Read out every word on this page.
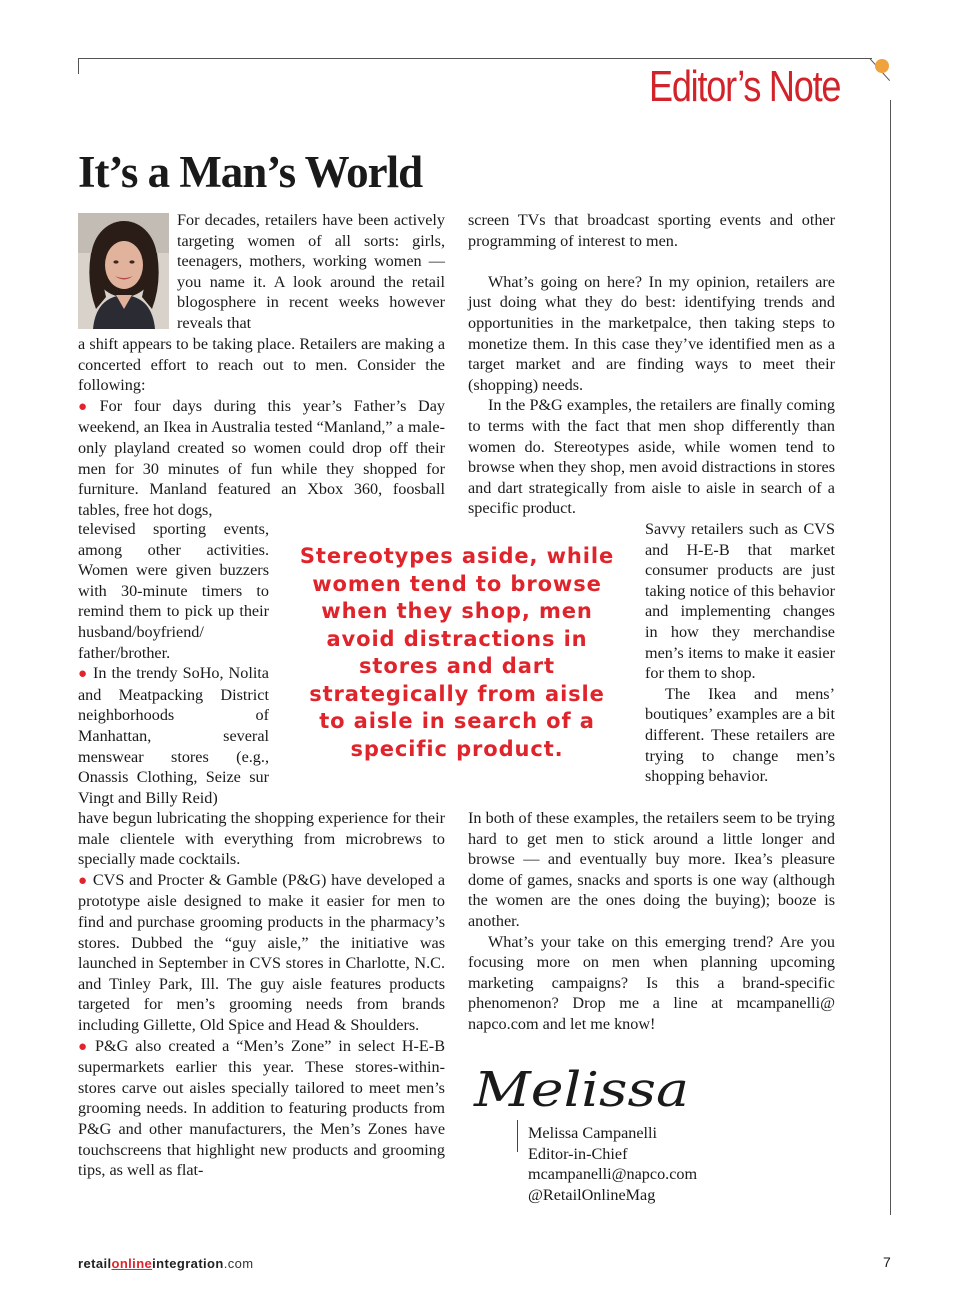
Editor’s Note
It’s a Man’s World

For decades, retailers have been actively targeting women of all sorts: girls, teenagers, mothers, working women — you name it. A look around the retail blogosphere in recent weeks however reveals that

a shift appears to be taking place. Retailers are making a concerted effort to reach out to men. Consider the following:

● For four days during this year’s Father’s Day weekend, an Ikea in Australia tested “Manland,” a male-only playland created so women could drop off their men for 30 minutes of fun while they shopped for furniture. Manland featured an Xbox 360, foosball tables, free hot dogs,

televised sporting events, among other activities. Women were given buzzers with 30-minute timers to remind them to pick up their husband/boyfriend/ father/brother.

● In the trendy SoHo, Nolita and Meatpacking District neighborhoods of Manhattan, several menswear stores (e.g., Onassis Clothing, Seize sur Vingt and Billy Reid)

have begun lubricating the shopping experience for their male clientele with everything from microbrews to specially made cocktails.

● CVS and Procter & Gamble (P&G) have developed a prototype aisle designed to make it easier for men to find and purchase grooming products in the pharmacy’s stores. Dubbed the “guy aisle,” the initiative was launched in September in CVS stores in Charlotte, N.C. and Tinley Park, Ill. The guy aisle features products targeted for men’s grooming needs from brands including Gillette, Old Spice and Head & Shoulders.

● P&G also created a “Men’s Zone” in select H-E-B supermarkets earlier this year. These stores-within-stores carve out aisles specially tailored to meet men’s grooming needs. In addition to featuring products from P&G and other manufacturers, the Men’s Zones have touchscreens that highlight new products and grooming tips, as well as flat-

screen TVs that broadcast sporting events and other programming of interest to men.

What’s going on here? In my opinion, retailers are just doing what they do best: identifying trends and opportunities in the marketpalce, then taking steps to monetize them. In this case they’ve identified men as a target market and are finding ways to meet their (shopping) needs.

In the P&G examples, the retailers are finally coming to terms with the fact that men shop differently than women do. Stereotypes aside, while women tend to browse when they shop, men avoid distractions in stores and dart strategically from aisle to aisle in search of a specific product.

Stereotypes aside, while women tend to browse when they shop, men avoid distractions in stores and dart strategically from aisle to aisle in search of a specific product.

Savvy retailers such as CVS and H-E-B that market consumer products are just taking notice of this behavior and implementing changes in how they merchandise men’s items to make it easier for them to shop.

The Ikea and mens’ boutiques’ examples are a bit different. These retailers are trying to change men’s shopping behavior.

In both of these examples, the retailers seem to be trying hard to get men to stick around a little longer and browse — and eventually buy more. Ikea’s pleasure dome of games, snacks and sports is one way (although the women are the ones doing the buying); booze is another.

What’s your take on this emerging trend? Are you focusing more on men when planning upcoming marketing campaigns? Is this a brand-specific phenomenon? Drop me a line at mcampanelli@ napco.com and let me know!

Melissa
Melissa Campanelli
Editor-in-Chief
mcampanelli@napco.com
@RetailOnlineMag
retailonlineintegration.com	7
